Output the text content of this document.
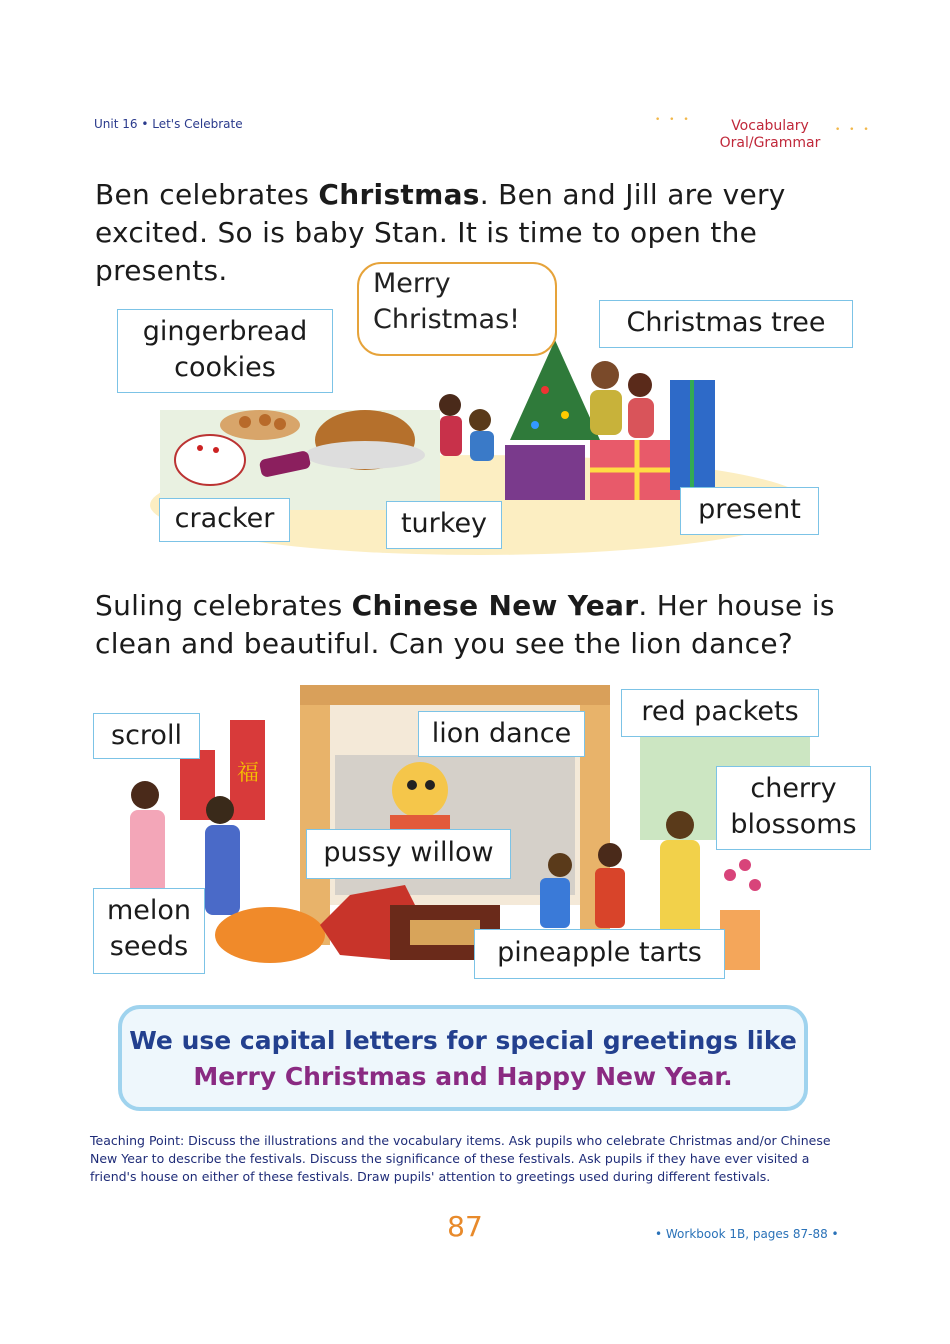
Unit 16 • Let's Celebrate	Vocabulary
Oral/Grammar
• • •
• • •
Ben celebrates Christmas. Ben and Jill are very excited. So is baby Stan. It is time to open the presents.
gingerbread
cookies
Merry
Christmas!	Christmas tree
cracker	turkey	present
Suling celebrates Chinese New Year. Her house is clean and beautiful. Can you see the lion dance?
福
scroll	lion dance
red packets
cherry
blossoms
pussy willow
melon
seeds	pineapple tarts
We use capital letters for special greetings like
Merry Christmas and Happy New Year.
Teaching Point: Discuss the illustrations and the vocabulary items. Ask pupils who celebrate Christmas and/or Chinese New Year to describe the festivals. Discuss the significance of these festivals. Ask pupils if they have ever visited a friend's house on either of these festivals. Draw pupils' attention to greetings used during different festivals.
87	• Workbook 1B, pages 87-88 •
